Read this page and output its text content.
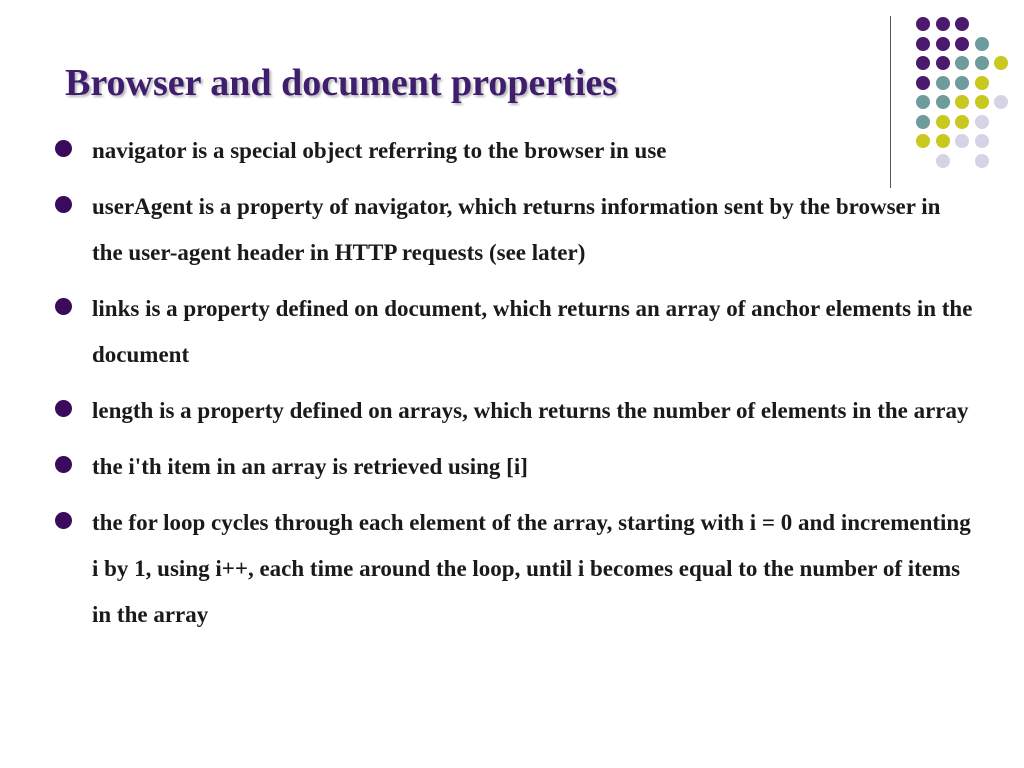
Browser and document properties
navigator is a special object referring to the browser in use
userAgent is a property of navigator, which returns information sent by the browser in the user-agent header in HTTP requests (see later)
links is a property defined on document, which returns an array of anchor elements in the document
length is a property defined on arrays, which returns the number of elements in the array
the i'th item in an array is retrieved using [i]
the for loop cycles through each element of the array, starting with i = 0 and incrementing i by 1, using i++, each time around the loop, until i becomes equal to the number of items in the array
